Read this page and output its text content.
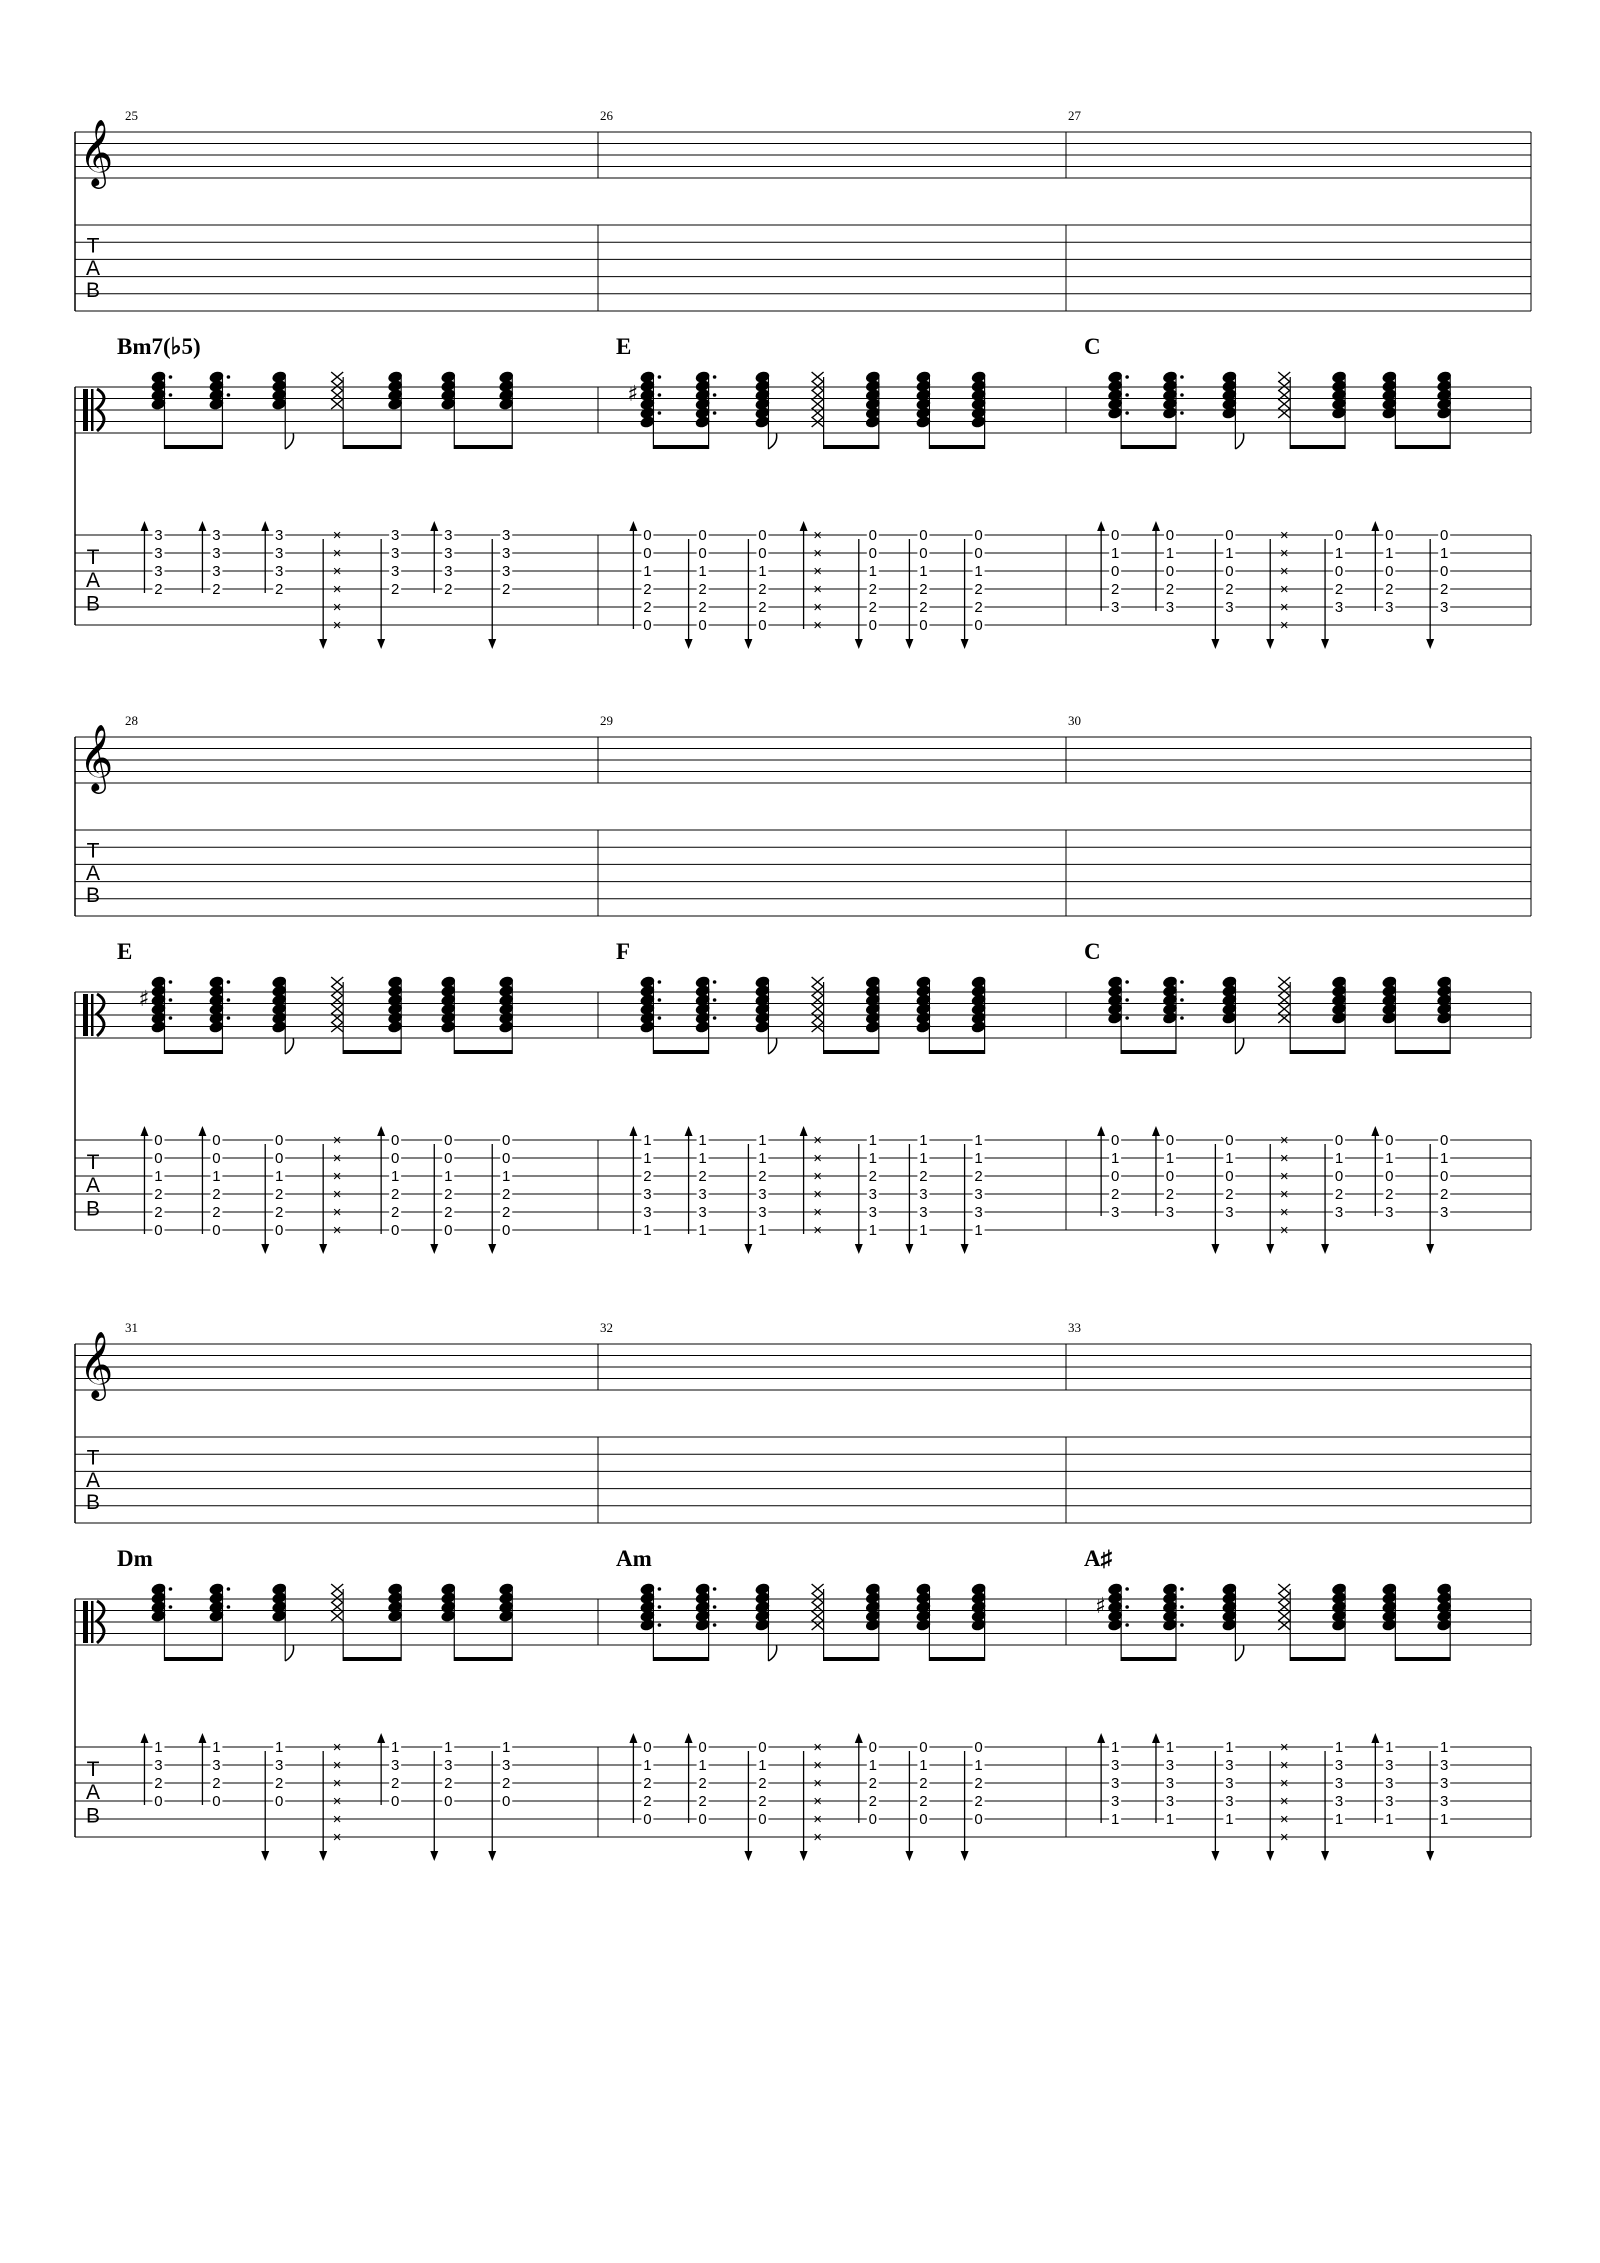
𝄞
T
A
B
T
A
B
25
Bm7(♭5)
3
3
3
2
3
3
3
2
3
3
3
2
×
×
×
×
×
×
3
3
3
2
3
3
3
2
3
3
3
2
26
E
♯
0
0
1
2
2
0
0
0
1
2
2
0
0
0
1
2
2
0
×
×
×
×
×
×
0
0
1
2
2
0
0
0
1
2
2
0
0
0
1
2
2
0
27
C
0
1
0
2
3
0
1
0
2
3
0
1
0
2
3
×
×
×
×
×
×
0
1
0
2
3
0
1
0
2
3
0
1
0
2
3
𝄞
T
A
B
T
A
B
28
E
♯
0
0
1
2
2
0
0
0
1
2
2
0
0
0
1
2
2
0
×
×
×
×
×
×
0
0
1
2
2
0
0
0
1
2
2
0
0
0
1
2
2
0
29
F
1
1
2
3
3
1
1
1
2
3
3
1
1
1
2
3
3
1
×
×
×
×
×
×
1
1
2
3
3
1
1
1
2
3
3
1
1
1
2
3
3
1
30
C
0
1
0
2
3
0
1
0
2
3
0
1
0
2
3
×
×
×
×
×
×
0
1
0
2
3
0
1
0
2
3
0
1
0
2
3
𝄞
T
A
B
T
A
B
31
Dm
1
3
2
0
1
3
2
0
1
3
2
0
×
×
×
×
×
×
1
3
2
0
1
3
2
0
1
3
2
0
32
Am
0
1
2
2
0
0
1
2
2
0
0
1
2
2
0
×
×
×
×
×
×
0
1
2
2
0
0
1
2
2
0
0
1
2
2
0
33
A♯
♯
1
3
3
3
1
1
3
3
3
1
1
3
3
3
1
×
×
×
×
×
×
1
3
3
3
1
1
3
3
3
1
1
3
3
3
1
